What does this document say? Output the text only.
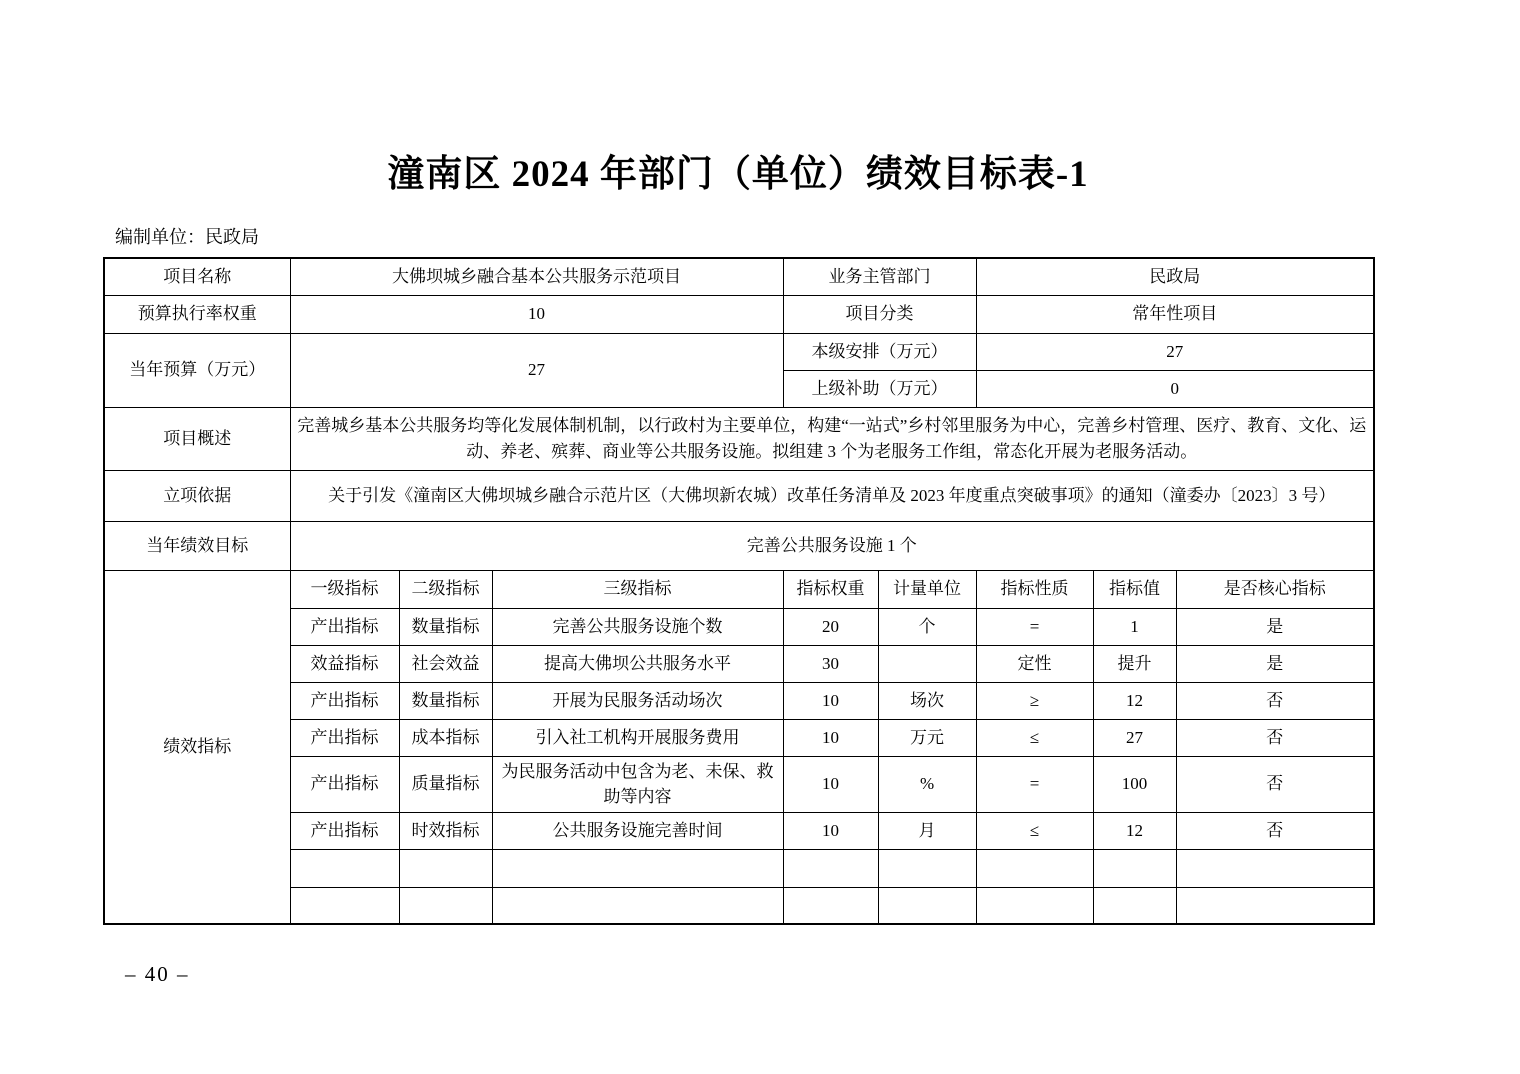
潼南区 2024 年部门（单位）绩效目标表-1
编制单位：民政局
项目名称	大佛坝城乡融合基本公共服务示范项目			业务主管部门		民政局		
预算执行率权重	10			项目分类		常年性项目		
当年预算（万元）	27			本级安排（万元）		27		
				上级补助（万元）		0		
项目概述	完善城乡基本公共服务均等化发展体制机制，以行政村为主要单位，构建“一站式”乡村邻里服务为中心，完善乡村管理、医疗、教育、文化、运动、养老、殡葬、商业等公共服务设施。拟组建 3 个为老服务工作组，常态化开展为老服务活动。							
立项依据	关于引发《潼南区大佛坝城乡融合示范片区（大佛坝新农城）改革任务清单及 2023 年度重点突破事项》的通知（潼委办〔2023〕3 号）							
当年绩效目标	完善公共服务设施 1 个							
绩效指标	一级指标	二级指标	三级指标	指标权重	计量单位	指标性质	指标值	是否核心指标
	产出指标	数量指标	完善公共服务设施个数	20	个	=	1	是
	效益指标	社会效益	提高大佛坝公共服务水平	30		定性	提升	是
	产出指标	数量指标	开展为民服务活动场次	10	场次	≥	12	否
	产出指标	成本指标	引入社工机构开展服务费用	10	万元	≤	27	否
	产出指标	质量指标	为民服务活动中包含为老、未保、救助等内容	10	%	=	100	否
	产出指标	时效指标	公共服务设施完善时间	10	月	≤	12	否

– 40 –
